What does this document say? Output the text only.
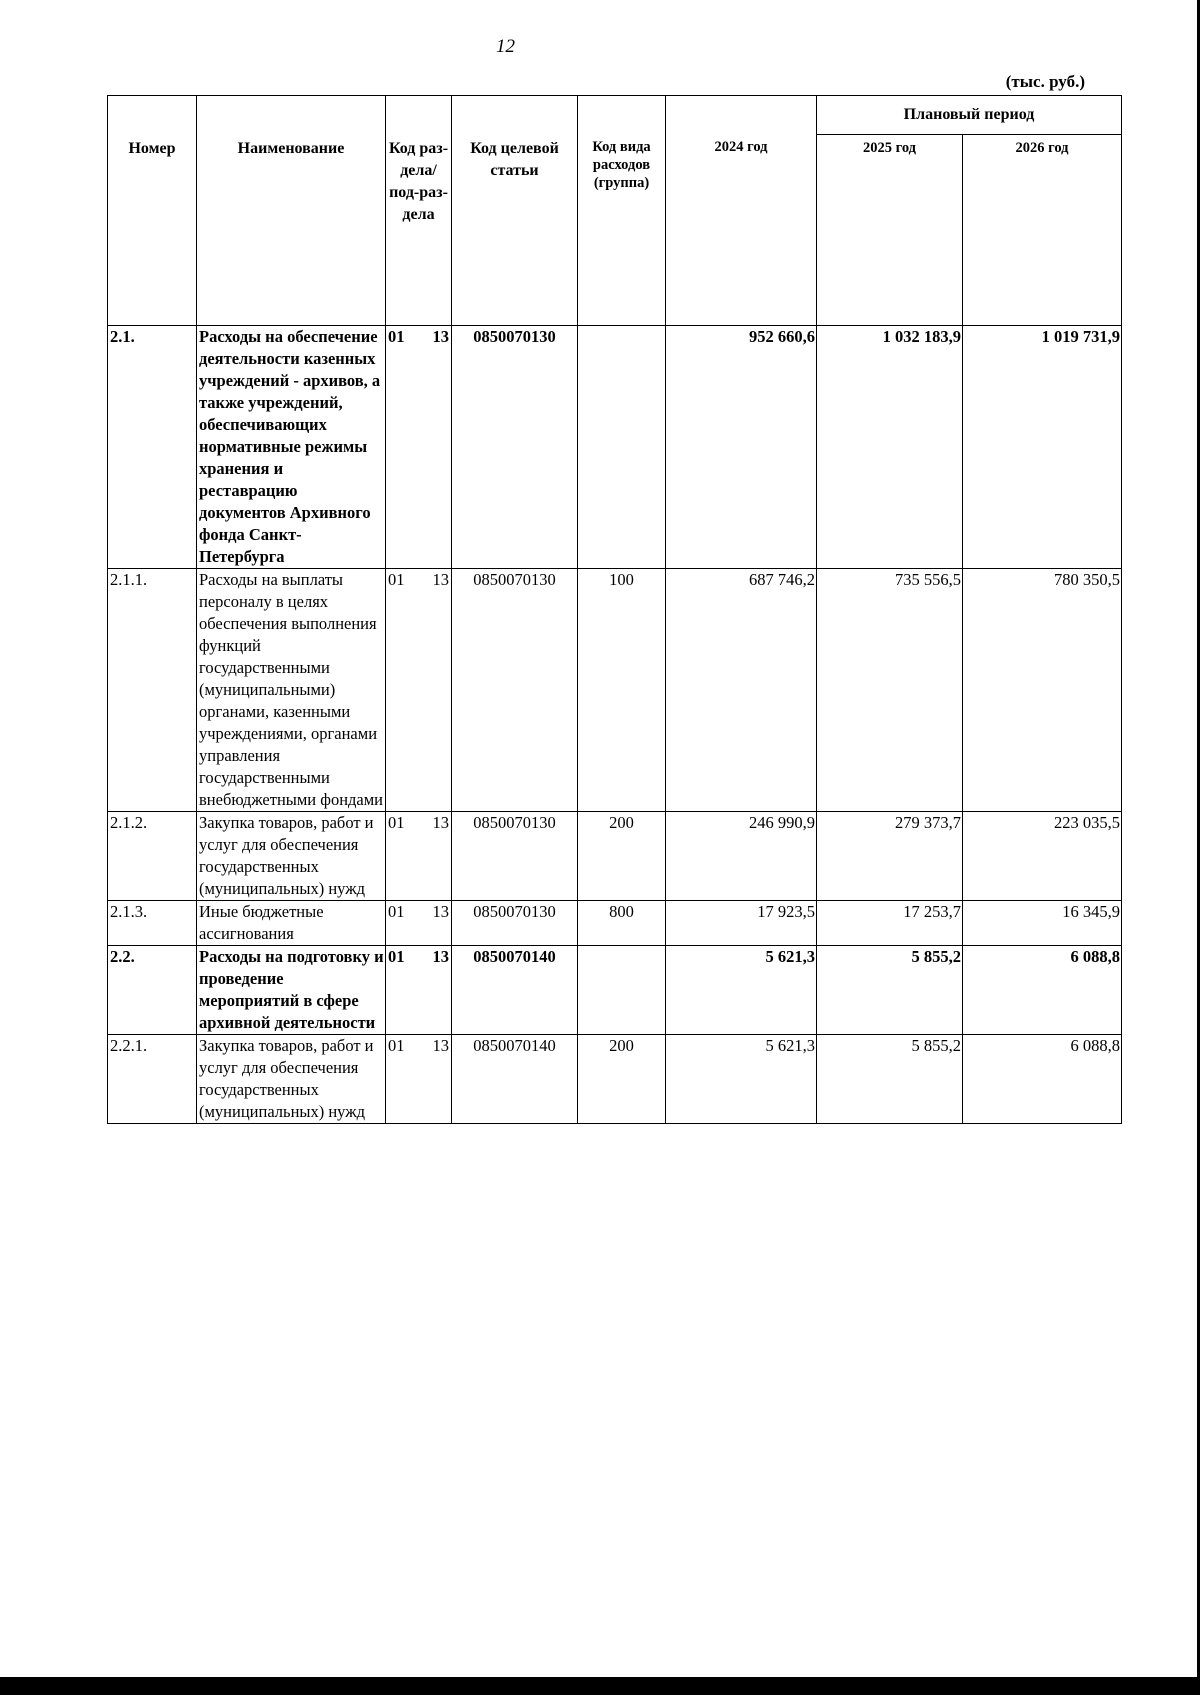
12
(тыс. руб.)
Номер	Наименование	Код раз-дела/ под-раз-дела	Код целевой статьи	Код вида расходов (группа)	2024 год	Плановый период	
						2025 год	2026 год
2.1.	Расходы на обеспечение деятельности казенных учреждений - архивов, а также учреждений, обеспечивающих нормативные режимы хранения и реставрацию документов Архивного фонда Санкт-Петербурга	01 13	0850070130		952 660,6	1 032 183,9	1 019 731,9
2.1.1.	Расходы на выплаты персоналу в целях обеспечения выполнения функций государственными (муниципальными) органами, казенными учреждениями, органами управления государственными внебюджетными фондами	01 13	0850070130	100	687 746,2	735 556,5	780 350,5
2.1.2.	Закупка товаров, работ и услуг для обеспечения государственных (муниципальных) нужд	01 13	0850070130	200	246 990,9	279 373,7	223 035,5
2.1.3.	Иные бюджетные ассигнования	01 13	0850070130	800	17 923,5	17 253,7	16 345,9
2.2.	Расходы на подготовку и проведение мероприятий в сфере архивной деятельности	01 13	0850070140		5 621,3	5 855,2	6 088,8
2.2.1.	Закупка товаров, работ и услуг для обеспечения государственных (муниципальных) нужд	01 13	0850070140	200	5 621,3	5 855,2	6 088,8
